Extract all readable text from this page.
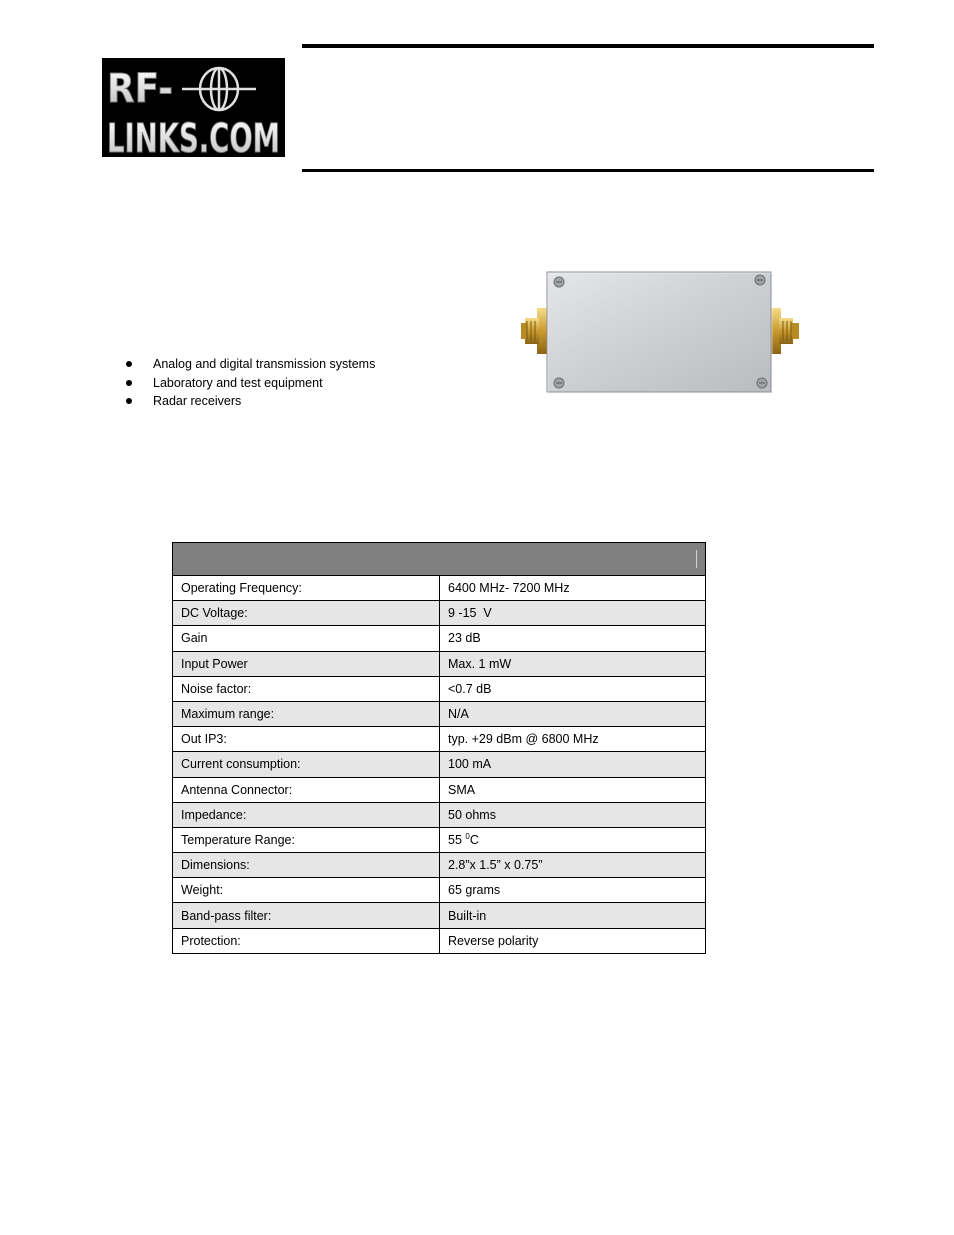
RF-
LINKS.COM
Analog and digital transmission systems
Laboratory and test equipment
Radar receivers

Operating Frequency:	6400 MHz- 7200 MHz
DC Voltage:	9 -15  V
Gain	23 dB
Input Power	Max. 1 mW
Noise factor:	<0.7 dB
Maximum range:	N/A
Out IP3:	typ. +29 dBm @ 6800 MHz
Current consumption:	100 mA
Antenna Connector:	SMA
Impedance:	50 ohms
Temperature Range:	55 $^0$C
Dimensions:	2.8”x 1.5” x 0.75”
Weight:	65 grams
Band-pass filter:	Built-in
Protection:	Reverse polarity
